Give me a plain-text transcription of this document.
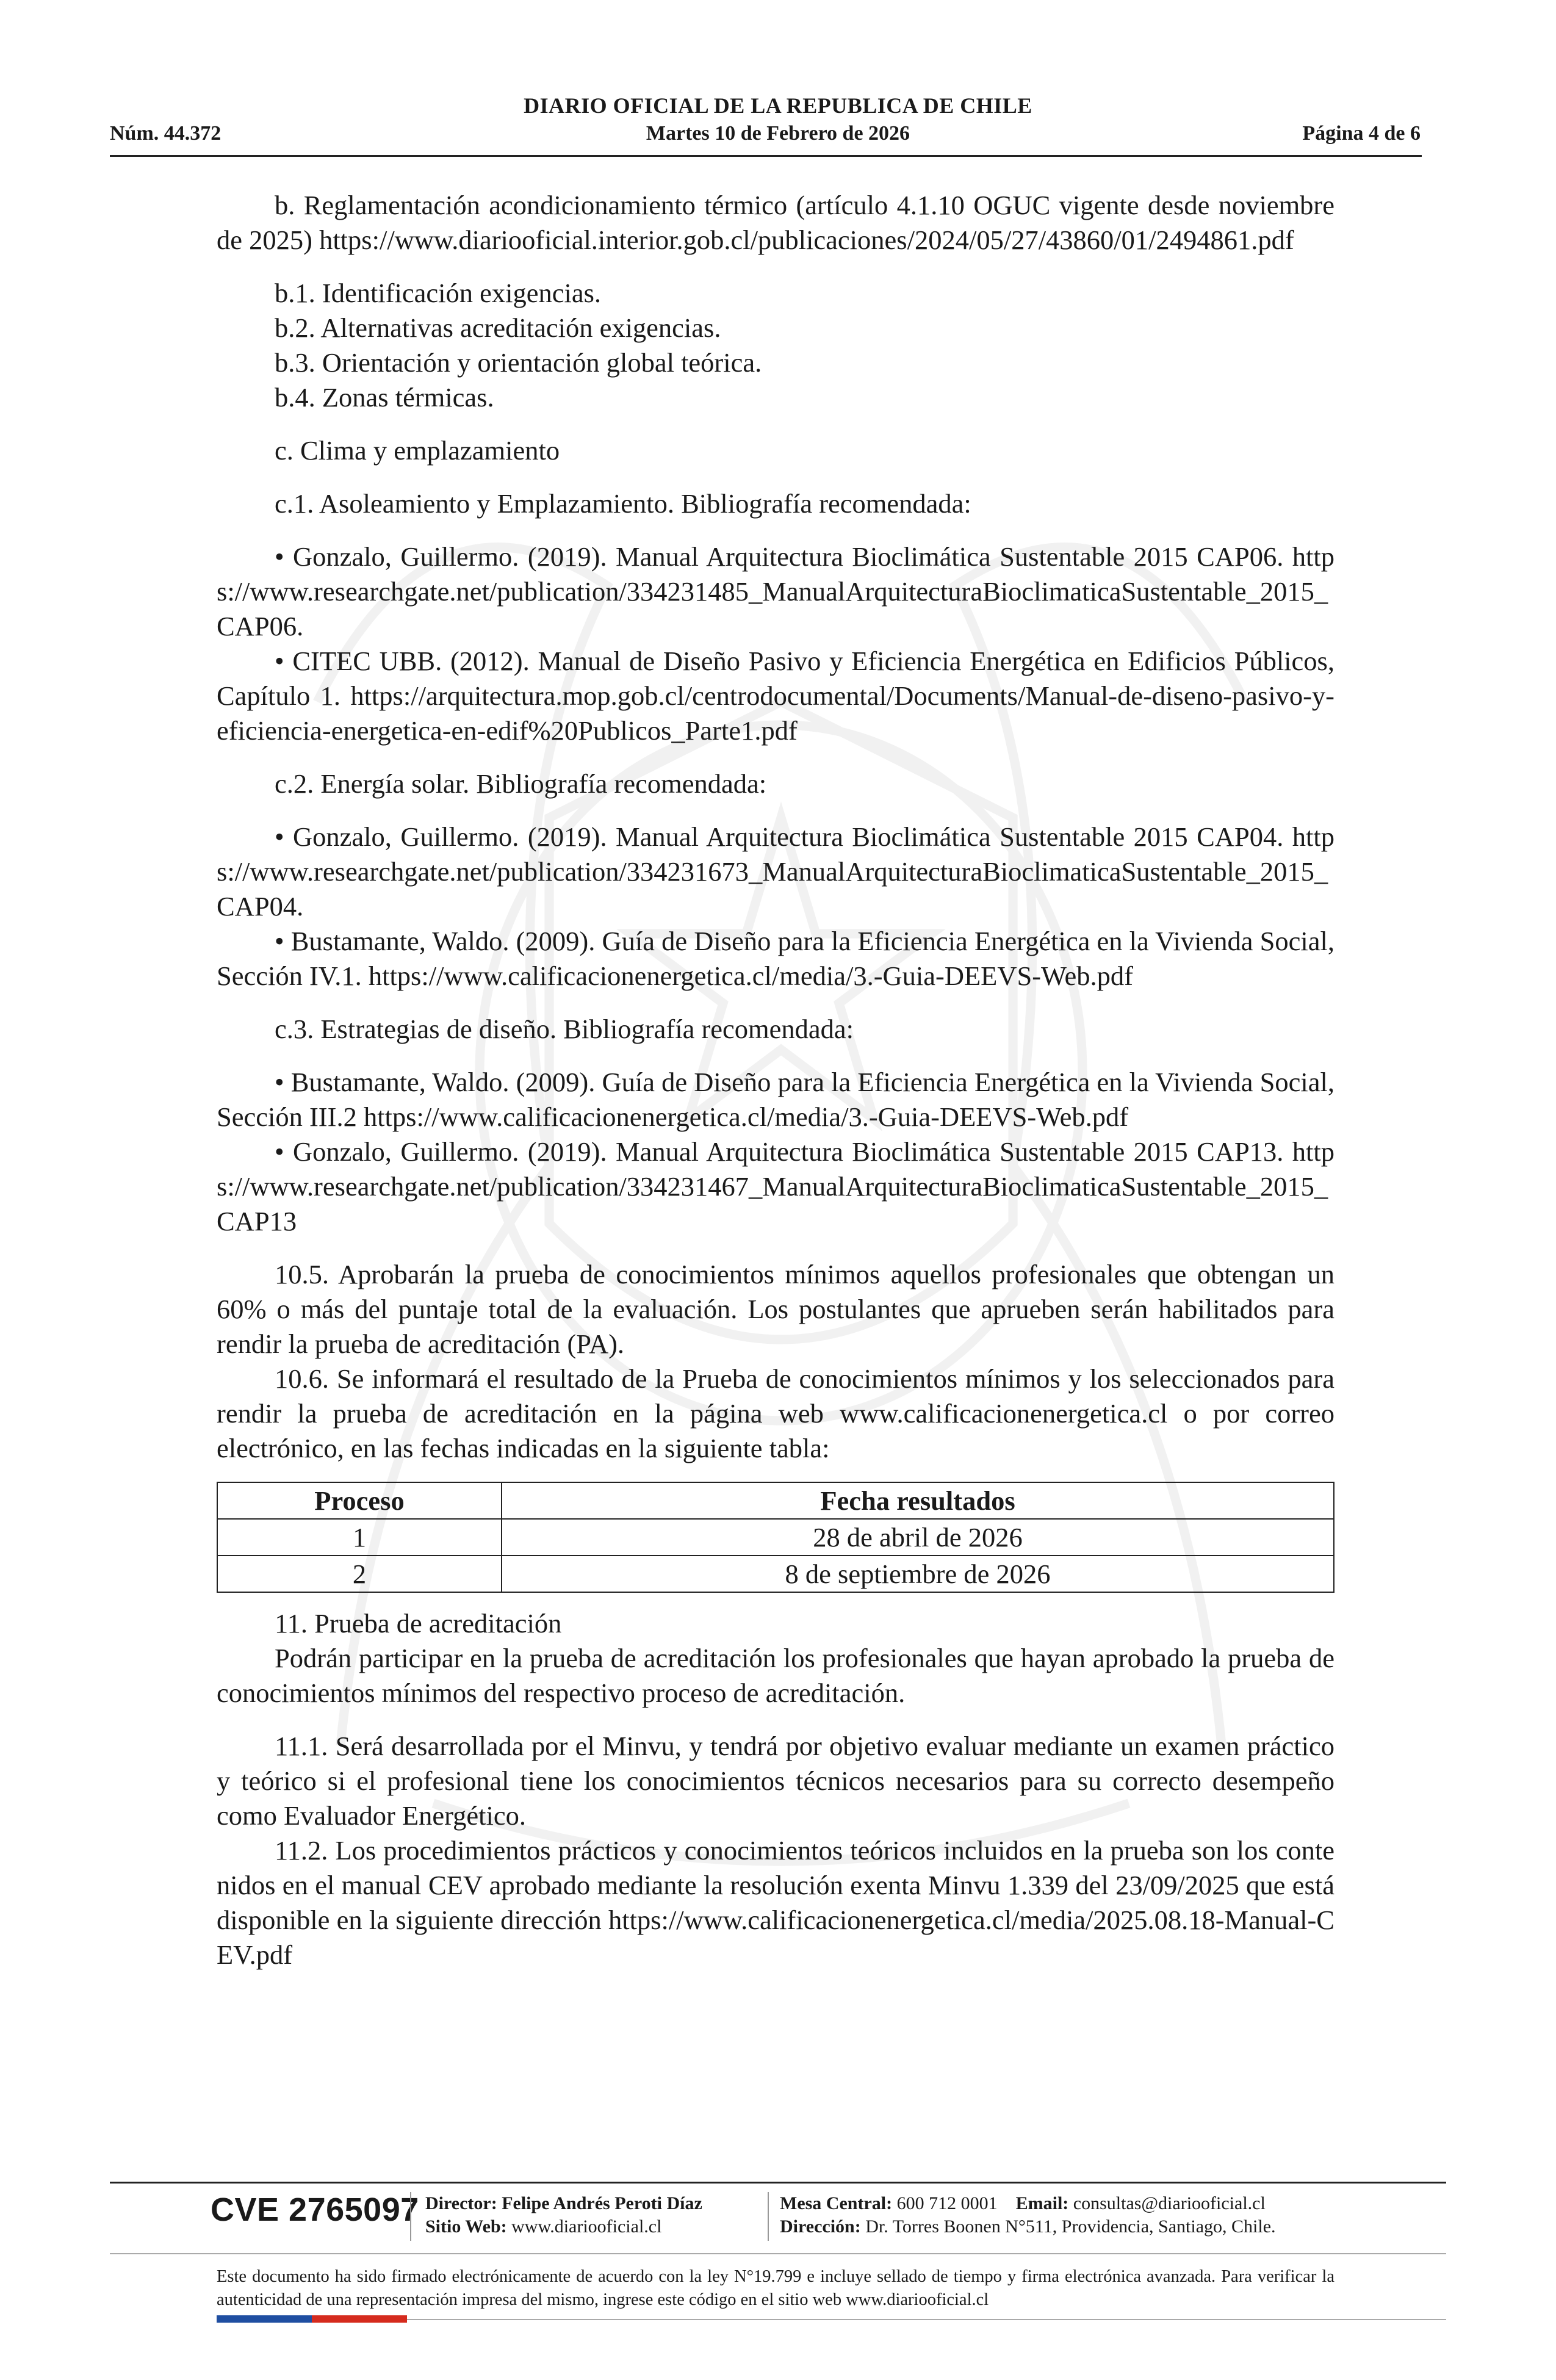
DIARIO OFICIAL DE LA REPUBLICA DE CHILE
Núm. 44.372	Martes 10 de Febrero de 2026	Página 4 de 6

b. Reglamentación acondicionamiento térmico (artículo 4.1.10 OGUC vigente desde noviembre de 2025) https://www.diariooficial.interior.gob.cl/publicaciones/2024/05/27/43860/01/2494861.pdf

b.1. Identificación exigencias.

b.2. Alternativas acreditación exigencias.

b.3. Orientación y orientación global teórica.

b.4. Zonas térmicas.

c. Clima y emplazamiento

c.1. Asoleamiento y Emplazamiento. Bibliografía recomendada:

• Gonzalo, Guillermo. (2019). Manual Arquitectura Bioclimática Sustentable 2015 CAP06. https://www.researchgate.net/publication/334231485_ManualArquitecturaBioclimaticaSustentable_2015_CAP06.

• CITEC UBB. (2012). Manual de Diseño Pasivo y Eficiencia Energética en Edificios Públicos, Capítulo 1. https://arquitectura.mop.gob.cl/centrodocumental/Documents/Manual-de-diseno-pasivo-y-eficiencia-energetica-en-edif%20Publicos_Parte1.pdf

c.2. Energía solar. Bibliografía recomendada:

• Gonzalo, Guillermo. (2019). Manual Arquitectura Bioclimática Sustentable 2015 CAP04. https://www.researchgate.net/publication/334231673_ManualArquitecturaBioclimaticaSustentable_2015_CAP04.

• Bustamante, Waldo. (2009). Guía de Diseño para la Eficiencia Energética en la Vivienda Social, Sección IV.1. https://www.calificacionenergetica.cl/media/3.-Guia-DEEVS-Web.pdf

c.3. Estrategias de diseño. Bibliografía recomendada:

• Bustamante, Waldo. (2009). Guía de Diseño para la Eficiencia Energética en la Vivienda Social, Sección III.2 https://www.calificacionenergetica.cl/media/3.-Guia-DEEVS-Web.pdf

• Gonzalo, Guillermo. (2019). Manual Arquitectura Bioclimática Sustentable 2015 CAP13. https://www.researchgate.net/publication/334231467_ManualArquitecturaBioclimaticaSustentable_2015_CAP13

10.5. Aprobarán la prueba de conocimientos mínimos aquellos profesionales que obtengan un 60% o más del puntaje total de la evaluación. Los postulantes que aprueben serán habilitados para rendir la prueba de acreditación (PA).

10.6. Se informará el resultado de la Prueba de conocimientos mínimos y los seleccionados para rendir la prueba de acreditación en la página web www.calificacionenergetica.cl o por correo electrónico, en las fechas indicadas en la siguiente tabla:

Proceso	Fecha resultados
1	28 de abril de 2026
2	8 de septiembre de 2026

11. Prueba de acreditación

Podrán participar en la prueba de acreditación los profesionales que hayan aprobado la prueba de conocimientos mínimos del respectivo proceso de acreditación.

11.1. Será desarrollada por el Minvu, y tendrá por objetivo evaluar mediante un examen práctico y teórico si el profesional tiene los conocimientos técnicos necesarios para su correcto desempeño como Evaluador Energético.

11.2. Los procedimientos prácticos y conocimientos teóricos incluidos en la prueba son los contenidos en el manual CEV aprobado mediante la resolución exenta Minvu 1.339 del 23/09/2025 que está disponible en la siguiente dirección https://www.calificacionenergetica.cl/media/2025.08.18-Manual-CEV.pdf

CVE 2765097 Director: Felipe Andrés Peroti Díaz
Sitio Web: www.diariooficial.cl
Mesa Central: 600 712 0001 Email: consultas@diariooficial.cl
Dirección: Dr. Torres Boonen N°511, Providencia, Santiago, Chile.
Este documento ha sido firmado electrónicamente de acuerdo con la ley N°19.799 e incluye sellado de tiempo y firma electrónica avanzada. Para verificar la autenticidad de una representación impresa del mismo, ingrese este código en el sitio web www.diariooficial.cl
